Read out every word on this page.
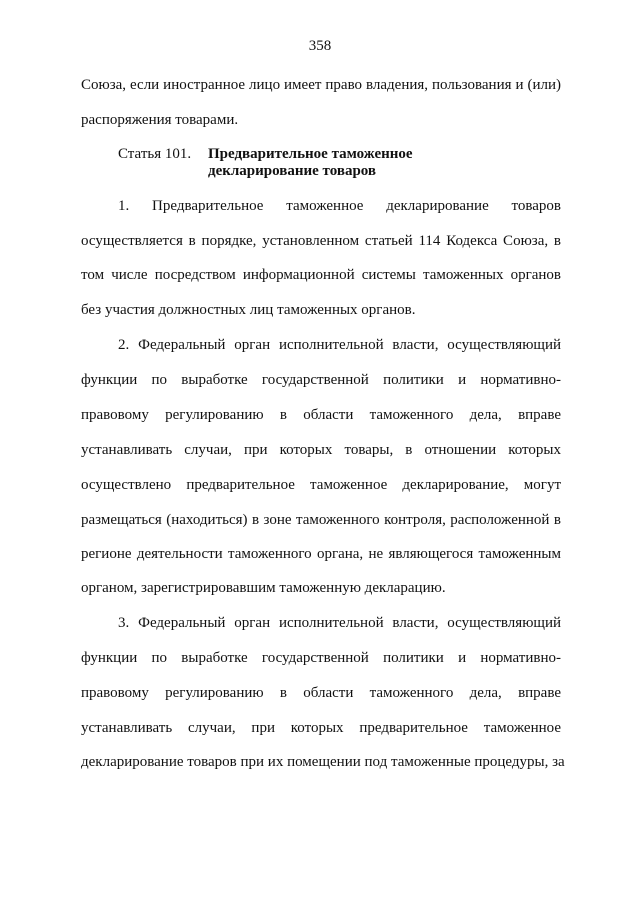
358
Союза, если иностранное лицо имеет право владения, пользования и (или)
распоряжения товарами.
Статья 101. Предварительное таможенное
декларирование товаров
1. Предварительное таможенное декларирование товаров
осуществляется в порядке, установленном статьей 114 Кодекса Союза, в
том числе посредством информационной системы таможенных органов
без участия должностных лиц таможенных органов.
2. Федеральный орган исполнительной власти, осуществляющий
функции по выработке государственной политики и нормативно-
правовому регулированию в области таможенного дела, вправе
устанавливать случаи, при которых товары, в отношении которых
осуществлено предварительное таможенное декларирование, могут
размещаться (находиться) в зоне таможенного контроля, расположенной в
регионе деятельности таможенного органа, не являющегося таможенным
органом, зарегистрировавшим таможенную декларацию.
3. Федеральный орган исполнительной власти, осуществляющий
функции по выработке государственной политики и нормативно-
правовому регулированию в области таможенного дела, вправе
устанавливать случаи, при которых предварительное таможенное
декларирование товаров при их помещении под таможенные процедуры, за
